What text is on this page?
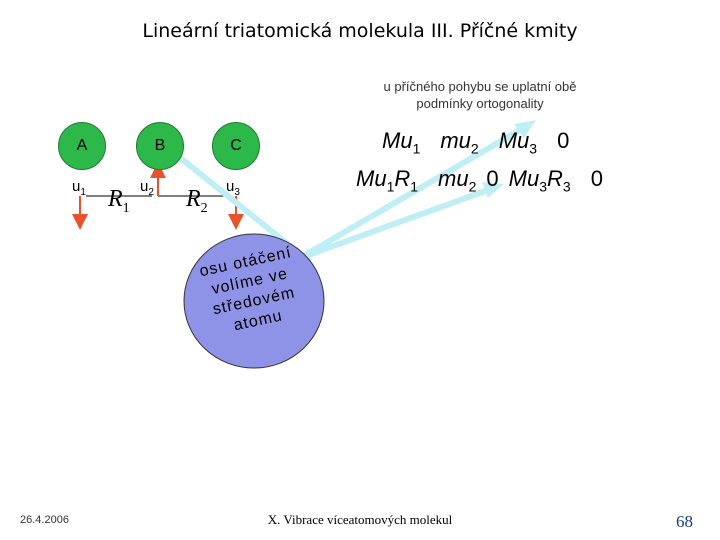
Lineární triatomická molekula III. Příčné kmity
u příčného pohybu se uplatní obě podmínky ortogonality
A	B	C
$u_1$	$u_2$	$u_3$
$R_1$ $R_2$
$Mu_1$ $mu_2$ $Mu_3$ 0
$Mu_1R_1$ $mu_2$ 0 $Mu_3R_3$ 0
osu otáčení volíme ve středovém atomu
26.4.2006	X. Vibrace víceatomových molekul	68
